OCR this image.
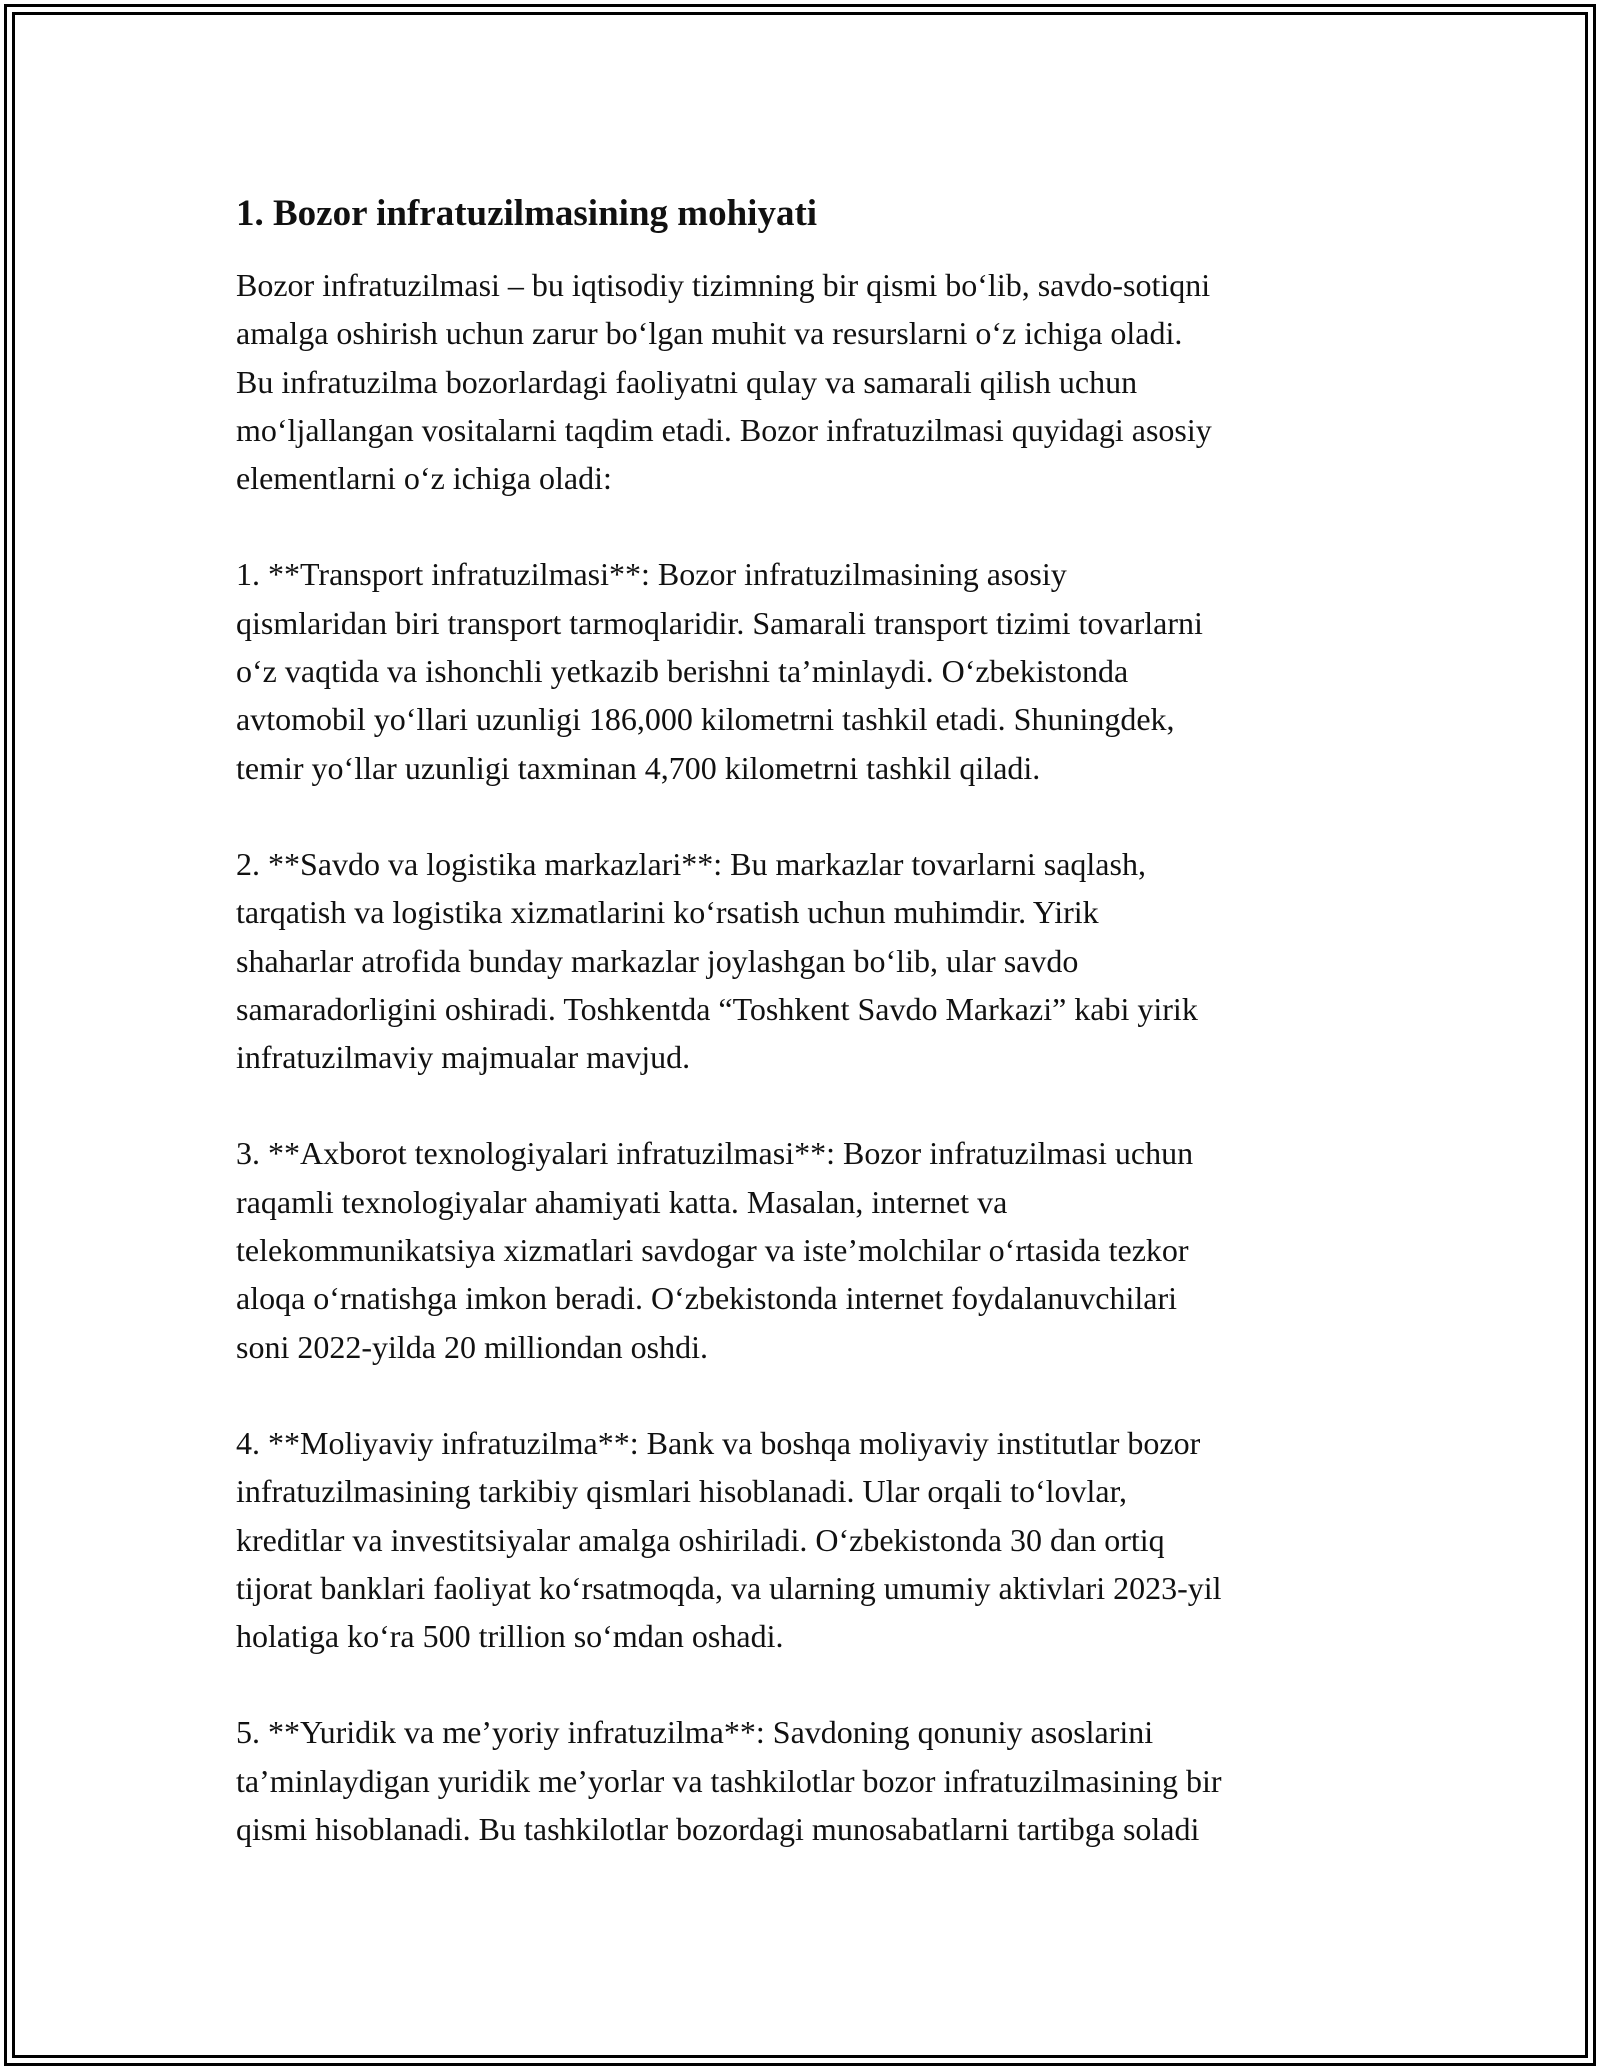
1. Bozor infratuzilmasining mohiyati

Bozor infratuzilmasi – bu iqtisodiy tizimning bir qismi bo‘lib, savdo-sotiqni
amalga oshirish uchun zarur bo‘lgan muhit va resurslarni o‘z ichiga oladi.
Bu infratuzilma bozorlardagi faoliyatni qulay va samarali qilish uchun
mo‘ljallangan vositalarni taqdim etadi. Bozor infratuzilmasi quyidagi asosiy
elementlarni o‘z ichiga oladi:

1. **Transport infratuzilmasi**: Bozor infratuzilmasining asosiy
qismlaridan biri transport tarmoqlaridir. Samarali transport tizimi tovarlarni
o‘z vaqtida va ishonchli yetkazib berishni ta’minlaydi. O‘zbekistonda
avtomobil yo‘llari uzunligi 186,000 kilometrni tashkil etadi. Shuningdek,
temir yo‘llar uzunligi taxminan 4,700 kilometrni tashkil qiladi.

2. **Savdo va logistika markazlari**: Bu markazlar tovarlarni saqlash,
tarqatish va logistika xizmatlarini ko‘rsatish uchun muhimdir. Yirik
shaharlar atrofida bunday markazlar joylashgan bo‘lib, ular savdo
samaradorligini oshiradi. Toshkentda “Toshkent Savdo Markazi” kabi yirik
infratuzilmaviy majmualar mavjud.

3. **Axborot texnologiyalari infratuzilmasi**: Bozor infratuzilmasi uchun
raqamli texnologiyalar ahamiyati katta. Masalan, internet va
telekommunikatsiya xizmatlari savdogar va iste’molchilar o‘rtasida tezkor
aloqa o‘rnatishga imkon beradi. O‘zbekistonda internet foydalanuvchilari
soni 2022-yilda 20 milliondan oshdi.

4. **Moliyaviy infratuzilma**: Bank va boshqa moliyaviy institutlar bozor
infratuzilmasining tarkibiy qismlari hisoblanadi. Ular orqali to‘lovlar,
kreditlar va investitsiyalar amalga oshiriladi. O‘zbekistonda 30 dan ortiq
tijorat banklari faoliyat ko‘rsatmoqda, va ularning umumiy aktivlari 2023-yil
holatiga ko‘ra 500 trillion so‘mdan oshadi.

5. **Yuridik va me’yoriy infratuzilma**: Savdoning qonuniy asoslarini
ta’minlaydigan yuridik me’yorlar va tashkilotlar bozor infratuzilmasining bir
qismi hisoblanadi. Bu tashkilotlar bozordagi munosabatlarni tartibga soladi
